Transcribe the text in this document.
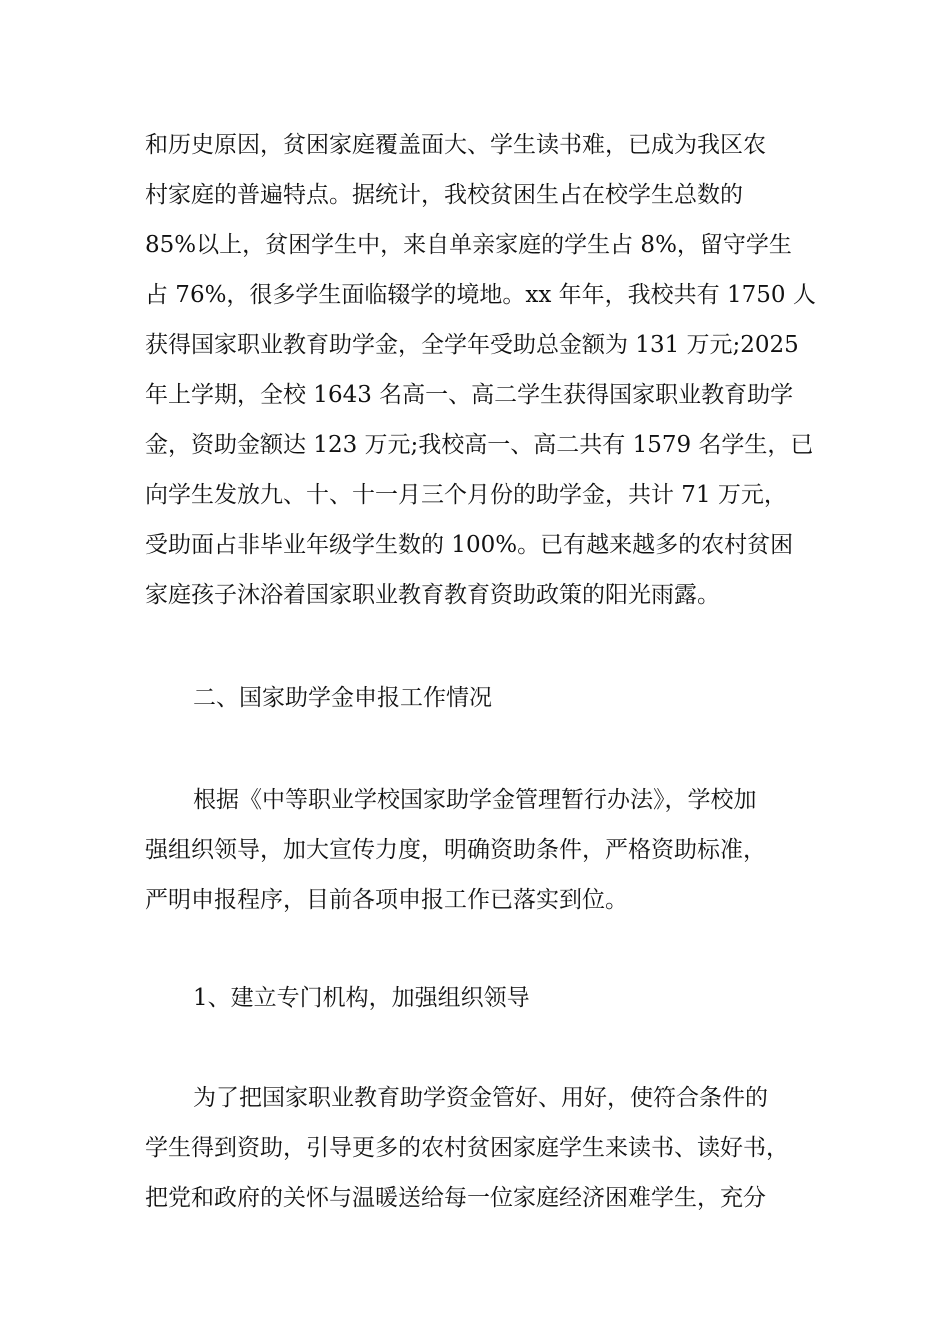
和历史原因，贫困家庭覆盖面大、学生读书难，已成为我区农
村家庭的普遍特点。据统计，我校贫困生占在校学生总数的
85%以上，贫困学生中，来自单亲家庭的学生占 8%，留守学生
占 76%，很多学生面临辍学的境地。xx 年年，我校共有 1750 人
获得国家职业教育助学金，全学年受助总金额为 131 万元;2025
年上学期，全校 1643 名高一、高二学生获得国家职业教育助学
金，资助金额达 123 万元;我校高一、高二共有 1579 名学生，已
向学生发放九、十、十一月三个月份的助学金，共计 71 万元，
受助面占非毕业年级学生数的 100%。已有越来越多的农村贫困
家庭孩子沐浴着国家职业教育教育资助政策的阳光雨露。
二、国家助学金申报工作情况
根据《中等职业学校国家助学金管理暂行办法》，学校加
强组织领导，加大宣传力度，明确资助条件，严格资助标准，
严明申报程序，目前各项申报工作已落实到位。
1、建立专门机构，加强组织领导
为了把国家职业教育助学资金管好、用好，使符合条件的
学生得到资助，引导更多的农村贫困家庭学生来读书、读好书，
把党和政府的关怀与温暖送给每一位家庭经济困难学生，充分
